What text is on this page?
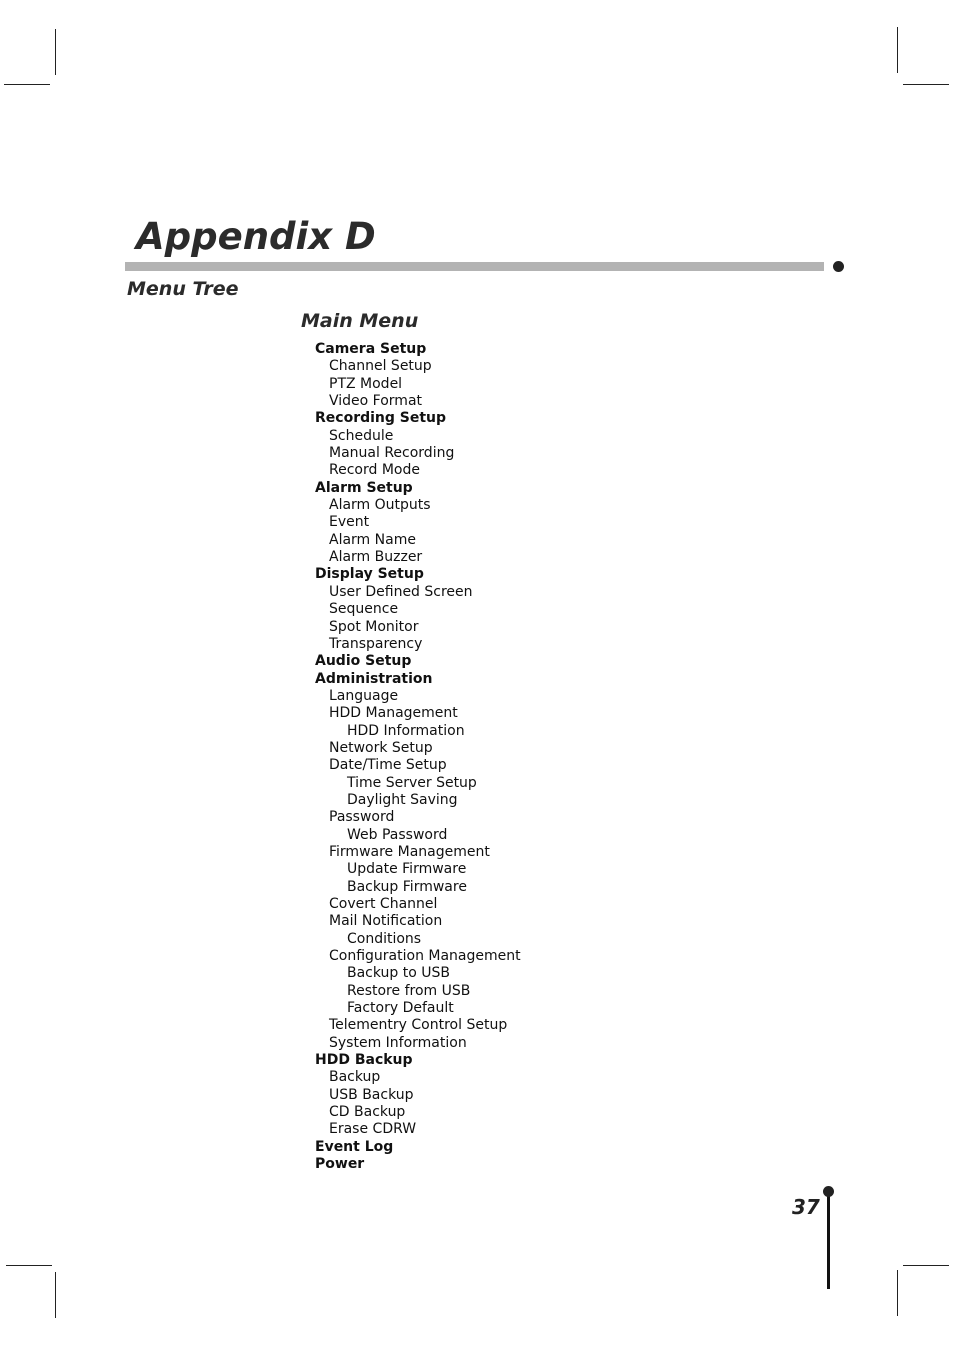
Appendix D
Menu Tree
Main Menu
Camera Setup
Channel Setup
PTZ Model
Video Format
Recording Setup
Schedule
Manual Recording
Record Mode
Alarm Setup
Alarm Outputs
Event
Alarm Name
Alarm Buzzer
Display Setup
User Defined Screen
Sequence
Spot Monitor
Transparency
Audio Setup
Administration
Language
HDD Management
HDD Information
Network Setup
Date/Time Setup
Time Server Setup
Daylight Saving
Password
Web Password
Firmware Management
Update Firmware
Backup Firmware
Covert Channel
Mail Notification
Conditions
Configuration Management
Backup to USB
Restore from USB
Factory Default
Telementry Control Setup
System Information
HDD Backup
Backup
USB Backup
CD Backup
Erase CDRW
Event Log
Power
37
